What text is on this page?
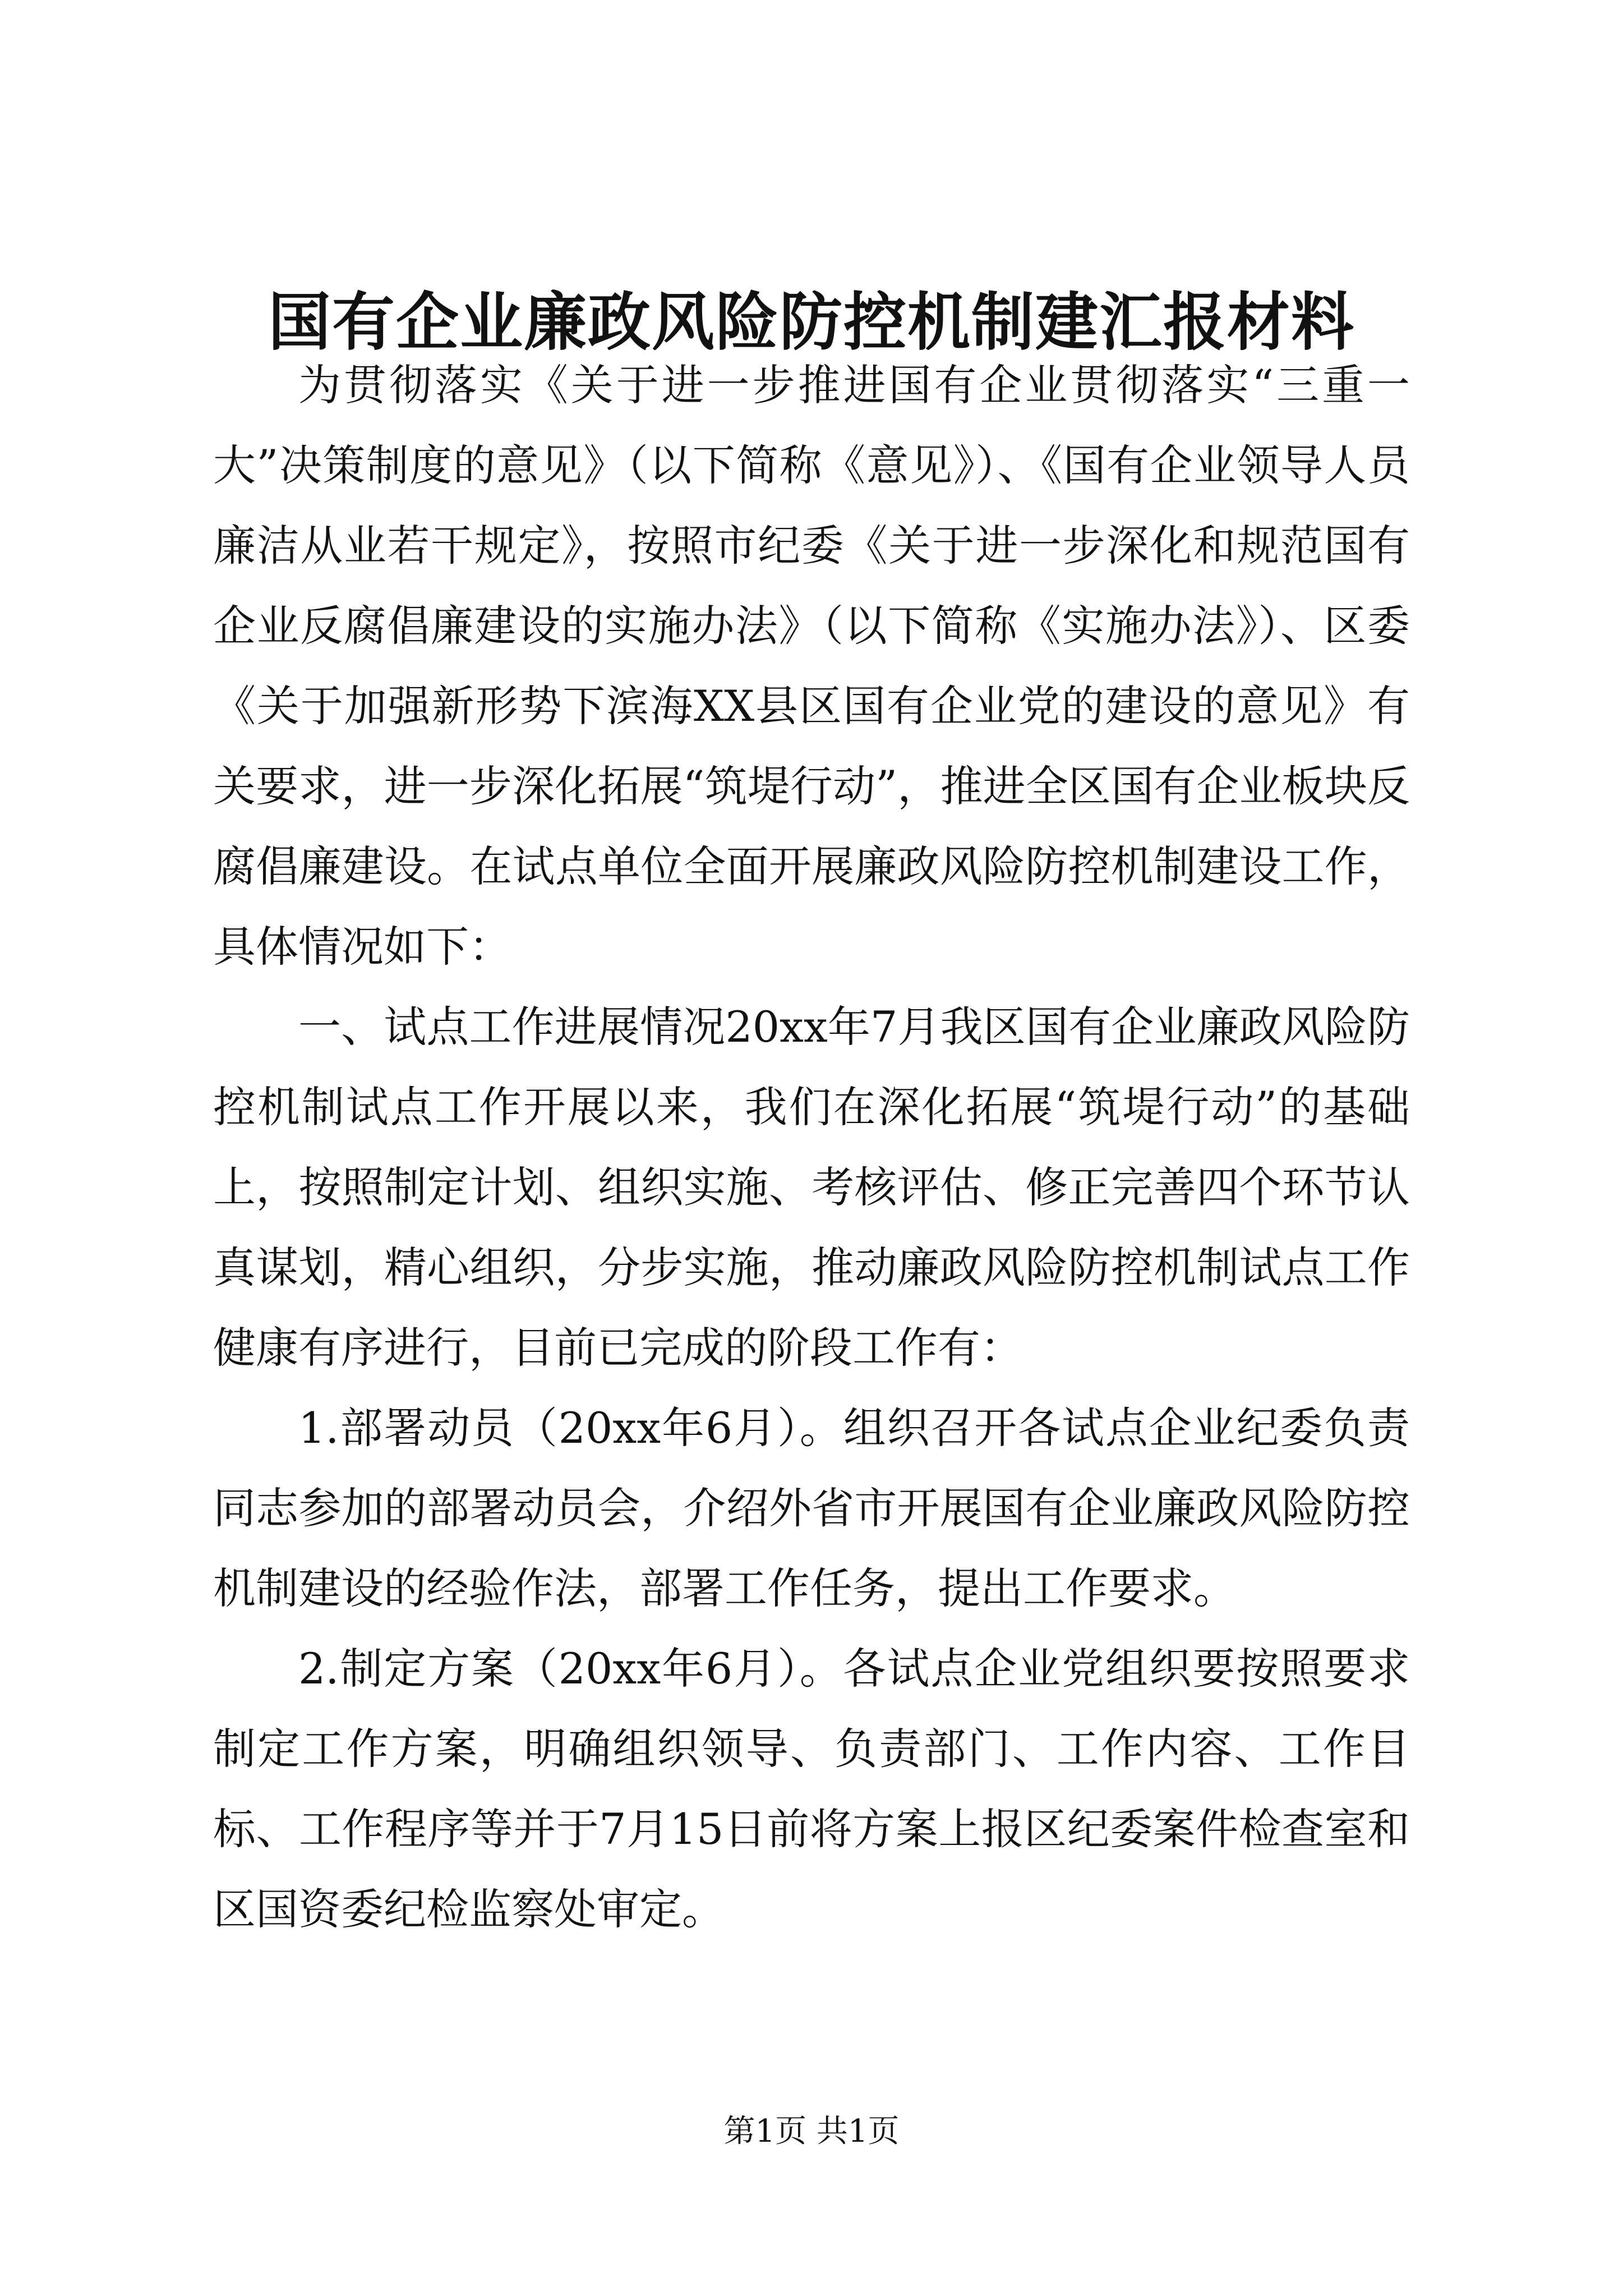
国有企业廉政风险防控机制建汇报材料

为贯彻落实《关于进一步推进国有企业贯彻落实“三重一大”决策制度的意见》（以下简称《意见》）、《国有企业领导人员廉洁从业若干规定》，按照市纪委《关于进一步深化和规范国有企业反腐倡廉建设的实施办法》（以下简称《实施办法》）、区委《关于加强新形势下滨海XX县区国有企业党的建设的意见》有关要求，进一步深化拓展“筑堤行动”，推进全区国有企业板块反腐倡廉建设。在试点单位全面开展廉政风险防控机制建设工作，具体情况如下：

一、试点工作进展情况20xx年7月我区国有企业廉政风险防控机制试点工作开展以来，我们在深化拓展“筑堤行动”的基础上，按照制定计划、组织实施、考核评估、修正完善四个环节认真谋划，精心组织，分步实施，推动廉政风险防控机制试点工作健康有序进行，目前已完成的阶段工作有：

1.部署动员（20xx年6月）。组织召开各试点企业纪委负责同志参加的部署动员会，介绍外省市开展国有企业廉政风险防控机制建设的经验作法，部署工作任务，提出工作要求。

2.制定方案（20xx年6月）。各试点企业党组织要按照要求制定工作方案，明确组织领导、负责部门、工作内容、工作目标、工作程序等并于7月15日前将方案上报区纪委案件检查室和区国资委纪检监察处审定。

第1页 共1页
